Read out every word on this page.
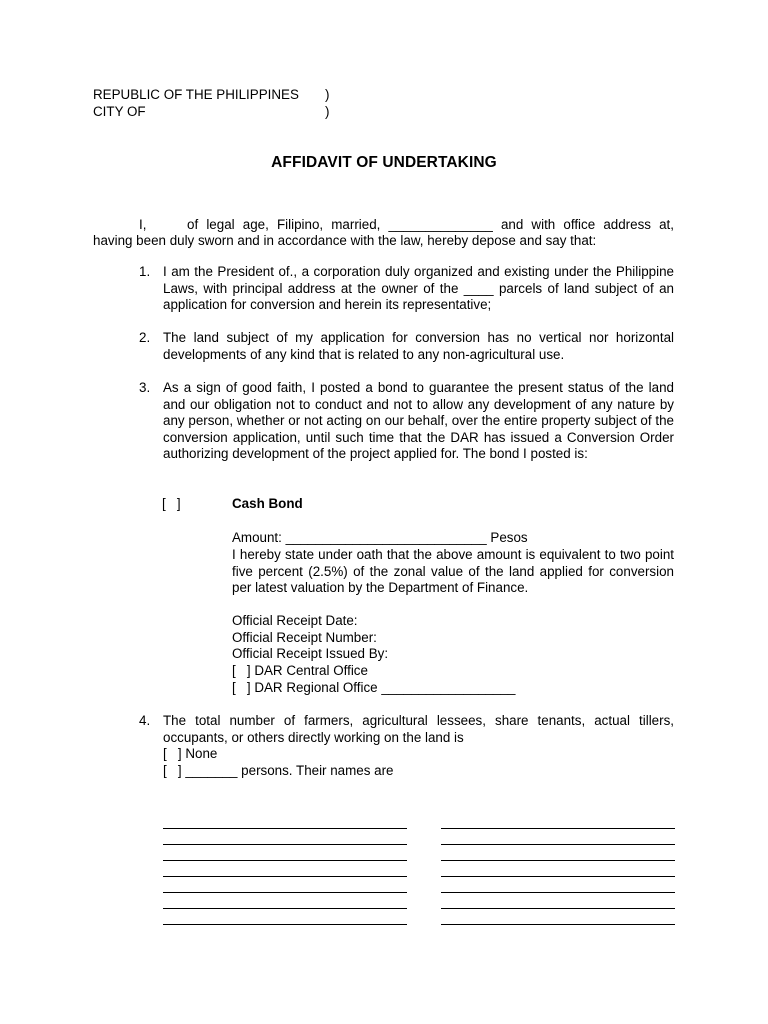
REPUBLIC OF THE PHILIPPINES )
CITY OF	)
AFFIDAVIT OF UNDERTAKING
I,	of legal age, Filipino, married, ______________ and with office address at,
having been duly sworn and in accordance with the law, hereby depose and say that:
1. I am the President of., a corporation duly organized and existing under the Philippine Laws, with principal address at the owner of the ____ parcels of land subject of an application for conversion and herein its representative;
2. The land subject of my application for conversion has no vertical nor horizontal developments of any kind that is related to any non-agricultural use.
3. As a sign of good faith, I posted a bond to guarantee the present status of the land and our obligation not to conduct and not to allow any development of any nature by any person, whether or not acting on our behalf, over the entire property subject of the conversion application, until such time that the DAR has issued a Conversion Order authorizing development of the project applied for. The bond I posted is:
[   ]	Cash Bond
Amount: ___________________________ Pesos
I hereby state under oath that the above amount is equivalent to two point five percent (2.5%) of the zonal value of the land applied for conversion per latest valuation by the Department of Finance.
Official Receipt Date:
Official Receipt Number:
Official Receipt Issued By:
[   ] DAR Central Office
[   ] DAR Regional Office __________________
4. The total number of farmers, agricultural lessees, share tenants, actual tillers, occupants, or others directly working on the land is
[   ] None
[   ] _______ persons. Their names are
